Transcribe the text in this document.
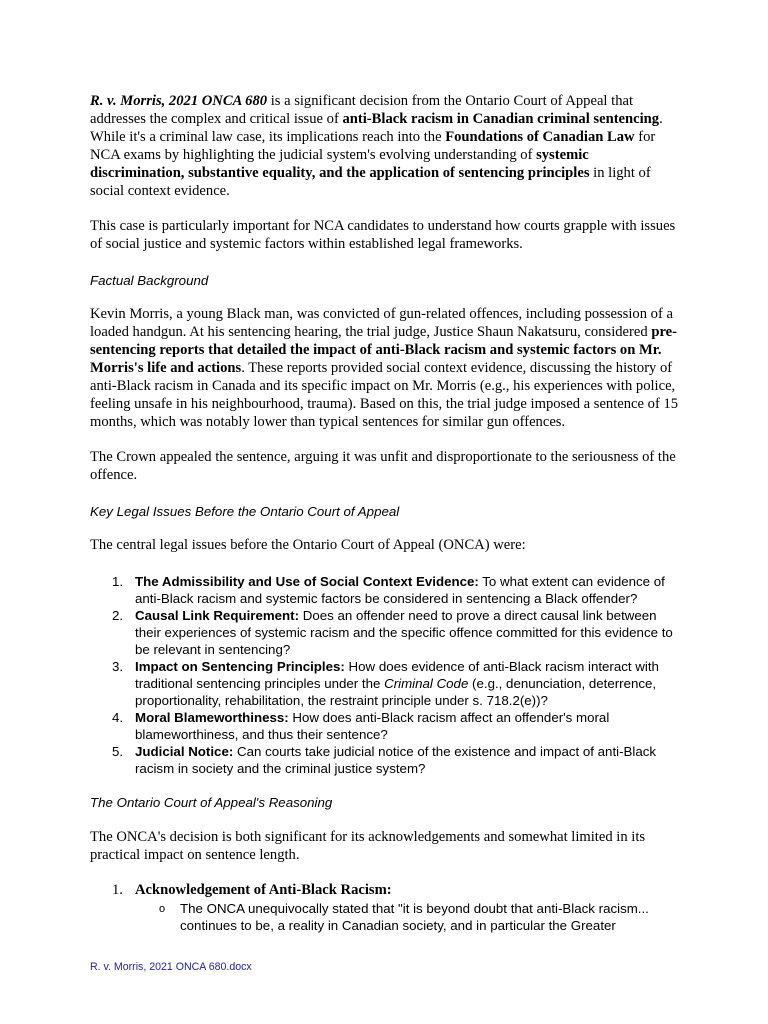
R. v. Morris, 2021 ONCA 680 is a significant decision from the Ontario Court of Appeal that addresses the complex and critical issue of anti-Black racism in Canadian criminal sentencing. While it's a criminal law case, its implications reach into the Foundations of Canadian Law for NCA exams by highlighting the judicial system's evolving understanding of systemic discrimination, substantive equality, and the application of sentencing principles in light of social context evidence.

This case is particularly important for NCA candidates to understand how courts grapple with issues of social justice and systemic factors within established legal frameworks.

Factual Background

Kevin Morris, a young Black man, was convicted of gun-related offences, including possession of a loaded handgun. At his sentencing hearing, the trial judge, Justice Shaun Nakatsuru, considered pre-sentencing reports that detailed the impact of anti-Black racism and systemic factors on Mr. Morris's life and actions. These reports provided social context evidence, discussing the history of anti-Black racism in Canada and its specific impact on Mr. Morris (e.g., his experiences with police, feeling unsafe in his neighbourhood, trauma). Based on this, the trial judge imposed a sentence of 15 months, which was notably lower than typical sentences for similar gun offences.

The Crown appealed the sentence, arguing it was unfit and disproportionate to the seriousness of the offence.

Key Legal Issues Before the Ontario Court of Appeal

The central legal issues before the Ontario Court of Appeal (ONCA) were:

1. The Admissibility and Use of Social Context Evidence: To what extent can evidence of anti-Black racism and systemic factors be considered in sentencing a Black offender?
2. Causal Link Requirement: Does an offender need to prove a direct causal link between their experiences of systemic racism and the specific offence committed for this evidence to be relevant in sentencing?
3. Impact on Sentencing Principles: How does evidence of anti-Black racism interact with traditional sentencing principles under the Criminal Code (e.g., denunciation, deterrence, proportionality, rehabilitation, the restraint principle under s. 718.2(e))?
4. Moral Blameworthiness: How does anti-Black racism affect an offender's moral blameworthiness, and thus their sentence?
5. Judicial Notice: Can courts take judicial notice of the existence and impact of anti-Black racism in society and the criminal justice system?

The Ontario Court of Appeal's Reasoning

The ONCA's decision is both significant for its acknowledgements and somewhat limited in its practical impact on sentence length.

1. Acknowledgement of Anti-Black Racism:
o The ONCA unequivocally stated that "it is beyond doubt that anti-Black racism... continues to be, a reality in Canadian society, and in particular the Greater
R. v. Morris, 2021 ONCA 680.docx
